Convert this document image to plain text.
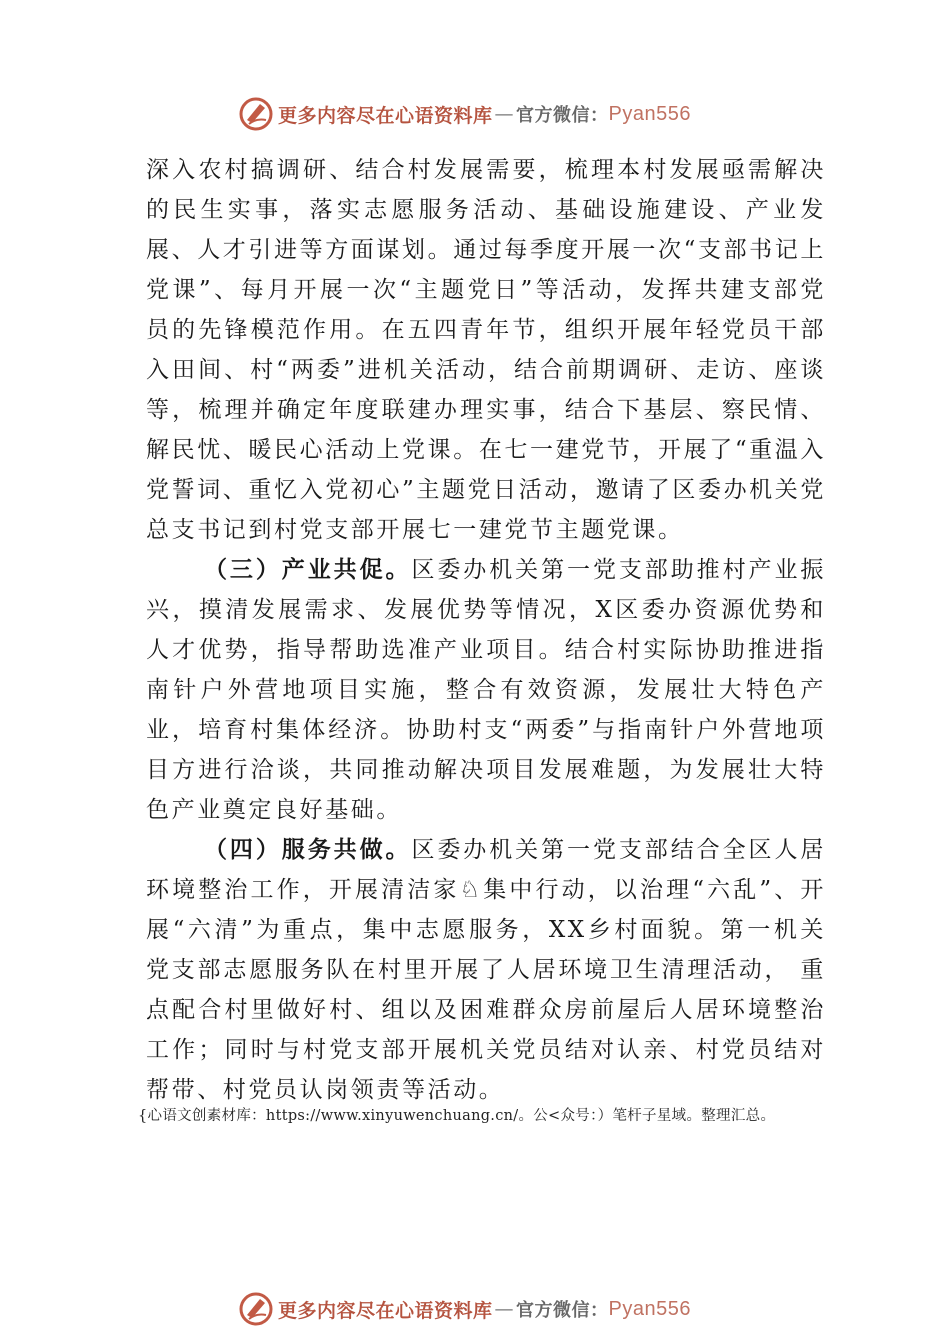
更多内容尽在心语资料库 — 官方微信： Pyan556

深入农村搞调研、结合村发展需要，梳理本村发展亟需解决的民生实事，落实志愿服务活动、基础设施建设、产业发展、人才引进等方面谋划。通过每季度开展一次“支部书记上党课”、每月开展一次“主题党日”等活动，发挥共建支部党员的先锋模范作用。在五四青年节，组织开展年轻党员干部入田间、村“两委”进机关活动，结合前期调研、走访、座谈等，梳理并确定年度联建办理实事，结合下基层、察民情、 解民忧、暖民心活动上党课。在七一建党节，开展了“重温入党誓词、重忆入党初心”主题党日活动，邀请了区委办机关党总支书记到村党支部开展七一建党节主题党课。

（三）产业共促。区委办机关第一党支部助推村产业振兴，摸清发展需求、发展优势等情况，X区委办资源优势和人才优势，指导帮助选准产业项目。结合村实际协助推进指南针户外营地项目实施，整合有效资源，发展壮大特色产业，培育村集体经济。协助村支“两委”与指南针户外营地项目方进行洽谈，共同推动解决项目发展难题，为发展壮大特色产业奠定良好基础。

（四）服务共做。区委办机关第一党支部结合全区人居环境整治工作，开展清洁家♘集中行动，以治理“六乱”、开展“六清”为重点，集中志愿服务，XX乡村面貌。第一机关党支部志愿服务队在村里开展了人居环境卫生清理活动， 重点配合村里做好村、组以及困难群众房前屋后人居环境整治工作；同时与村党支部开展机关党员结对认亲、村党员结对帮带、村党员认岗领责等活动。

{心语文创素材库：https://www.xinyuwenchuang.cn/。公<众号：）笔杆子星域。整理汇总。
更多内容尽在心语资料库 — 官方微信： Pyan556
